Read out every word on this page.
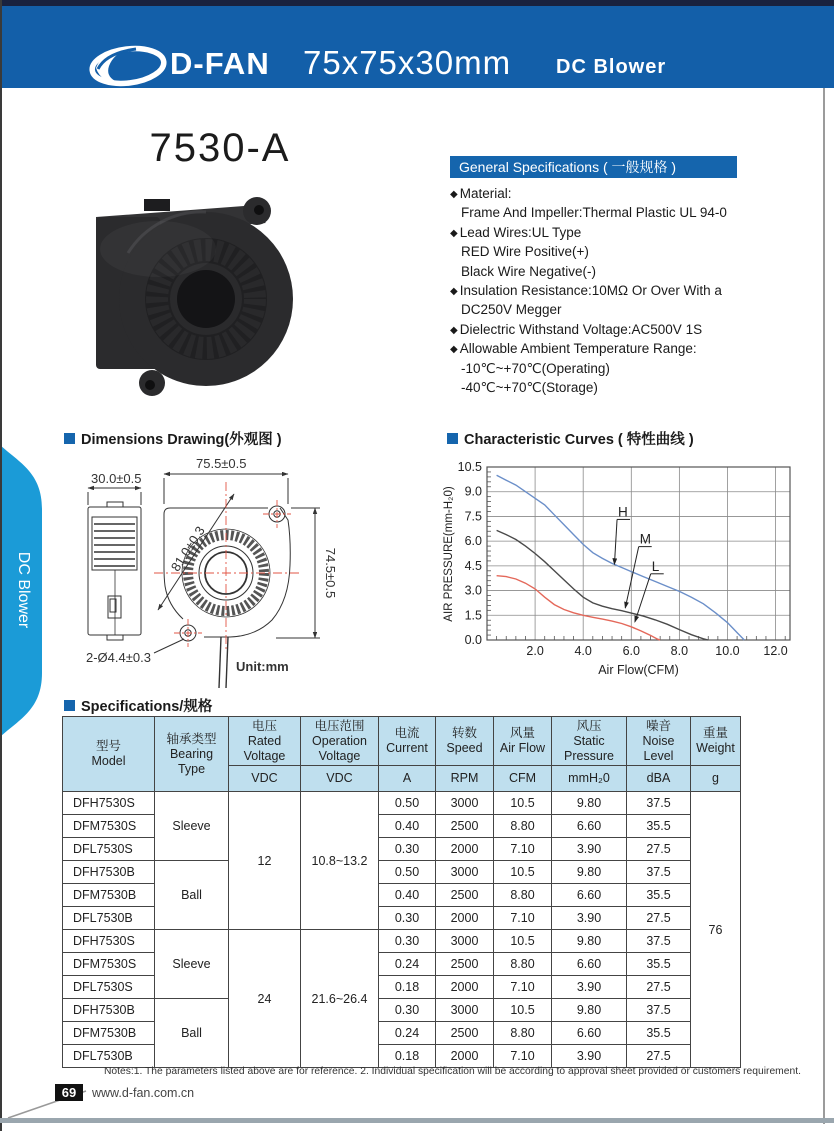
D-FAN 75x75x30mm DC Blower
DC Blower
7530-A	General Specifications ( 一般规格 )
◆ Material:
Frame And Impeller:Thermal Plastic UL 94-0
◆ Lead Wires:UL Type
RED Wire Positive(+)
Black Wire Negative(-)
◆ Insulation Resistance:10MΩ Or Over With a
DC250V Megger
◆ Dielectric Withstand Voltage:AC500V 1S
◆ Allowable Ambient Temperature Range:
-10℃~+70℃(Operating)
-40℃~+70℃(Storage)
Dimensions Drawing(外观图 )	Characteristic Curves ( 特性曲线 )
Specifications/规格
30.0±0.5
75.5±0.5
81.0±0.3	74.5±0.5
2-Ø4.4±0.3
Unit:mm
2.0 4.0 6.0 8.0 10.0 12.0
0.0
1.5
3.0
4.5
6.0
7.5
9.0
10.5
H
M
L
Air Flow(CFM)
AIR PRESSURE(mm-H₂0)
型号
Model

轴承类型
Bearing Type

电压
Rated Voltage

电压范围
Operation Voltage

电流
Current

转数
Speed

风量
Air Flow

风压
Static Pressure

噪音
Noise Level

重量
Weight

		VDC	VDC	A	RPM	CFM	mmH₂0	dBA	g
DFH7530S	Sleeve	12	10.8~13.2	0.50	3000	10.5	9.80	37.5	76
DFM7530S				0.40	2500	8.80	6.60	35.5	
DFL7530S				0.30	2000	7.10	3.90	27.5	
DFH7530B	Ball			0.50	3000	10.5	9.80	37.5	
DFM7530B				0.40	2500	8.80	6.60	35.5	
DFL7530B				0.30	2000	7.10	3.90	27.5	
DFH7530S	Sleeve	24	21.6~26.4	0.30	3000	10.5	9.80	37.5	
DFM7530S				0.24	2500	8.80	6.60	35.5	
DFL7530S				0.18	2000	7.10	3.90	27.5	
DFH7530B	Ball			0.30	3000	10.5	9.80	37.5	
DFM7530B				0.24	2500	8.80	6.60	35.5	
DFL7530B				0.18	2000	7.10	3.90	27.5	
Notes:1. The parameters listed above are for reference. 2. Individual specification will be according to approval sheet provided or customers requirement.
69	www.d-fan.com.cn
